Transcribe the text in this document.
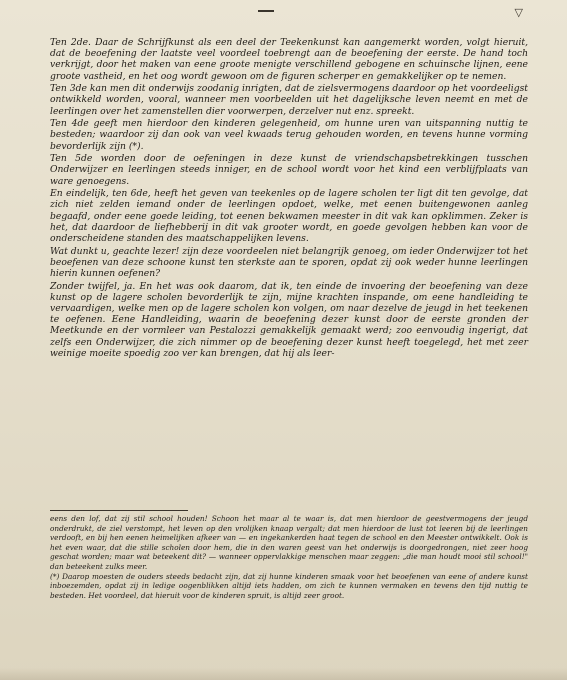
▽

Ten 2de. Daar de Schrijfkunst als een deel der Teekenkunst kan aangemerkt worden, volgt hieruit, dat de beoefening der laatste veel voordeel toebrengt aan de beoefening der eerste. De hand toch verkrijgt, door het maken van eene groote menigte verschillend gebogene en schuinsche lijnen, eene groote vastheid, en het oog wordt gewoon om de figuren scherper en gemakkelijker op te nemen.

Ten 3de kan men dit onderwijs zoodanig inrigten, dat de zielsvermogens daardoor op het voordeeligst ontwikkeld worden, vooral, wanneer men voorbeelden uit het dagelijksche leven neemt en met de leerlingen over het zamenstellen dier voorwerpen, derzelver nut enz. spreekt.

Ten 4de geeft men hierdoor den kinderen gelegenheid, om hunne uren van uitspanning nuttig te besteden; waardoor zij dan ook van veel kwaads terug gehouden worden, en tevens hunne vorming bevorderlijk zijn (*).

Ten 5de worden door de oefeningen in deze kunst de vriendschapsbetrekkingen tusschen Onderwijzer en leerlingen steeds inniger, en de school wordt voor het kind een verblijfplaats van ware genoegens.

En eindelijk, ten 6de, heeft het geven van teekenles op de lagere scholen ter ligt dit ten gevolge, dat zich niet zelden iemand onder de leerlingen opdoet, welke, met eenen buitengewonen aanleg begaafd, onder eene goede leiding, tot eenen bekwamen meester in dit vak kan opklimmen. Zeker is het, dat daardoor de liefhebberij in dit vak grooter wordt, en goede gevolgen hebben kan voor de onderscheidene standen des maatschappelijken levens.

Wat dunkt u, geachte lezer! zijn deze voordeelen niet belangrijk genoeg, om ieder Onderwijzer tot het beoefenen van deze schoone kunst ten sterkste aan te sporen, opdat zij ook weder hunne leerlingen hierin kunnen oefenen?

Zonder twijfel, ja. En het was ook daarom, dat ik, ten einde de invoering der beoefening van deze kunst op de lagere scholen bevorderlijk te zijn, mijne krachten inspande, om eene handleiding te vervaardigen, welke men op de lagere scholen kon volgen, om naar dezelve de jeugd in het teekenen te oefenen. Eene Handleiding, waarin de beoefening dezer kunst door de eerste gronden der Meetkunde en der vormleer van Pestalozzi gemakkelijk gemaakt werd; zoo eenvoudig ingerigt, dat zelfs een Onderwijzer, die zich nimmer op de beoefening dezer kunst heeft toegelegd, het met zeer weinige moeite spoedig zoo ver kan brengen, dat hij als leer-

eens den lof, dat zij stil school houden! Schoon het maar al te waar is, dat men hierdoor de geestvermogens der jeugd onderdrukt, de ziel verstompt, het leven op den vrolijken knaap vergalt; dat men hierdoor de lust tot leeren bij de leerlingen verdooft, en bij hen eenen heimelijken afkeer van — en ingekankerden haat tegen de school en den Meester ontwikkelt. Ook is het even waar, dat die stille scholen door hem, die in den waren geest van het onderwijs is doorgedrongen, niet zeer hoog geschat worden; maar wat beteekent dit? — wanneer oppervlakkige menschen maar zeggen: „die man houdt mooi stil school!" dan beteekent zulks meer.

(*) Daarop moesten de ouders steeds bedacht zijn, dat zij hunne kinderen smaak voor het beoefenen van eene of andere kunst inboezemden, opdat zij in ledige oogenblikken altijd iets hadden, om zich te kunnen vermaken en tevens den tijd nuttig te besteden. Het voordeel, dat hieruit voor de kinderen spruit, is altijd zeer groot.
